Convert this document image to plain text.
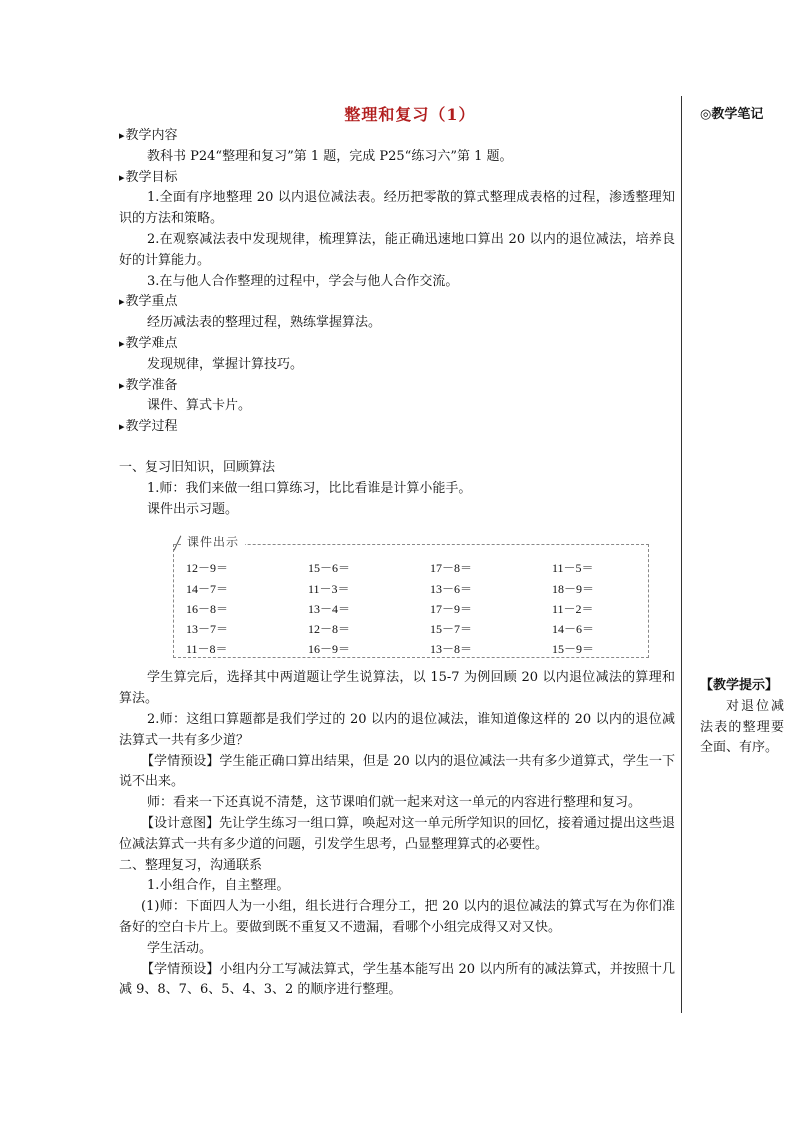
整理和复习（1）
▸ 教学内容
教科书 P24“整理和复习”第 1 题，完成 P25“练习六”第 1 题。
▸ 教学目标
1.全面有序地整理 20 以内退位减法表。经历把零散的算式整理成表格的过程，渗透整理知识的方法和策略。
2.在观察减法表中发现规律，梳理算法，能正确迅速地口算出 20 以内的退位减法，培养良好的计算能力。
3.在与他人合作整理的过程中，学会与他人合作交流。
▸ 教学重点
经历减法表的整理过程，熟练掌握算法。
▸ 教学难点
发现规律，掌握计算技巧。
▸ 教学准备
课件、算式卡片。
▸ 教学过程
一、复习旧知识，回顾算法
1.师：我们来做一组口算练习，比比看谁是计算小能手。
课件出示习题。
课件出示
12－9＝	15－6＝	17－8＝	11－5＝
14－7＝	11－3＝	13－6＝	18－9＝
16－8＝	13－4＝	17－9＝	11－2＝
13－7＝	12－8＝	15－7＝	14－6＝
11－8＝	16－9＝	13－8＝	15－9＝
学生算完后，选择其中两道题让学生说算法，以 15-7 为例回顾 20 以内退位减法的算理和算法。
2.师：这组口算题都是我们学过的 20 以内的退位减法，谁知道像这样的 20 以内的退位减法算式一共有多少道？
【学情预设】学生能正确口算出结果，但是 20 以内的退位减法一共有多少道算式，学生一下说不出来。
师：看来一下还真说不清楚，这节课咱们就一起来对这一单元的内容进行整理和复习。
【设计意图】先让学生练习一组口算，唤起对这一单元所学知识的回忆，接着通过提出这些退位减法算式一共有多少道的问题，引发学生思考，凸显整理算式的必要性。
二、整理复习，沟通联系
1.小组合作，自主整理。
(1)师：下面四人为一小组，组长进行合理分工，把 20 以内的退位减法的算式写在为你们准备好的空白卡片上。要做到既不重复又不遗漏，看哪个小组完成得又对又快。
学生活动。
【学情预设】小组内分工写减法算式，学生基本能写出 20 以内所有的减法算式，并按照十几减 9、8、7、6、5、4、3、2 的顺序进行整理。
◎教学笔记
【教学提示】
对退位减法表的整理要全面、有序。
